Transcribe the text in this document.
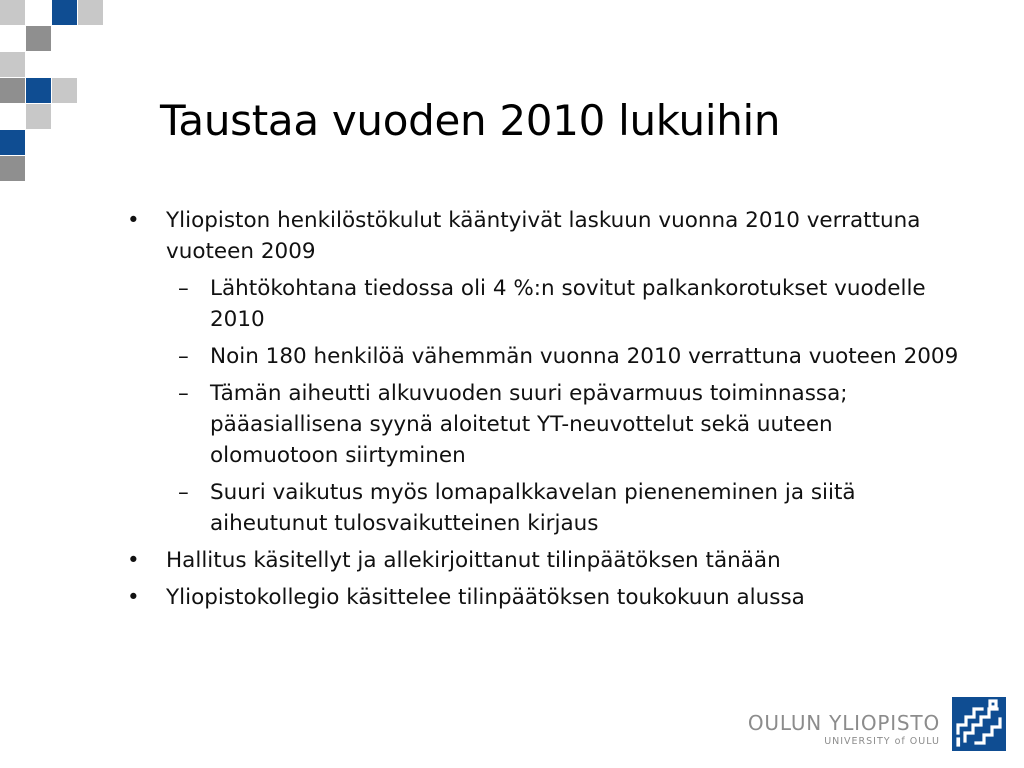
Taustaa vuoden 2010 lukuihin
• Yliopiston henkilöstökulut kääntyivät laskuun vuonna 2010 verrattuna vuoteen 2009
– Lähtökohtana tiedossa oli 4 %:n sovitut palkankorotukset vuodelle 2010
– Noin 180 henkilöä vähemmän vuonna 2010 verrattuna vuoteen 2009
– Tämän aiheutti alkuvuoden suuri epävarmuus toiminnassa; pääasiallisena syynä aloitetut YT-neuvottelut sekä uuteen olomuotoon siirtyminen
– Suuri vaikutus myös lomapalkkavelan pieneneminen ja siitä aiheutunut tulosvaikutteinen kirjaus
• Hallitus käsitellyt ja allekirjoittanut tilinpäätöksen tänään
• Yliopistokollegio käsittelee tilinpäätöksen toukokuun alussa
OULUN YLIOPISTO
UNIVERSITY of OULU
